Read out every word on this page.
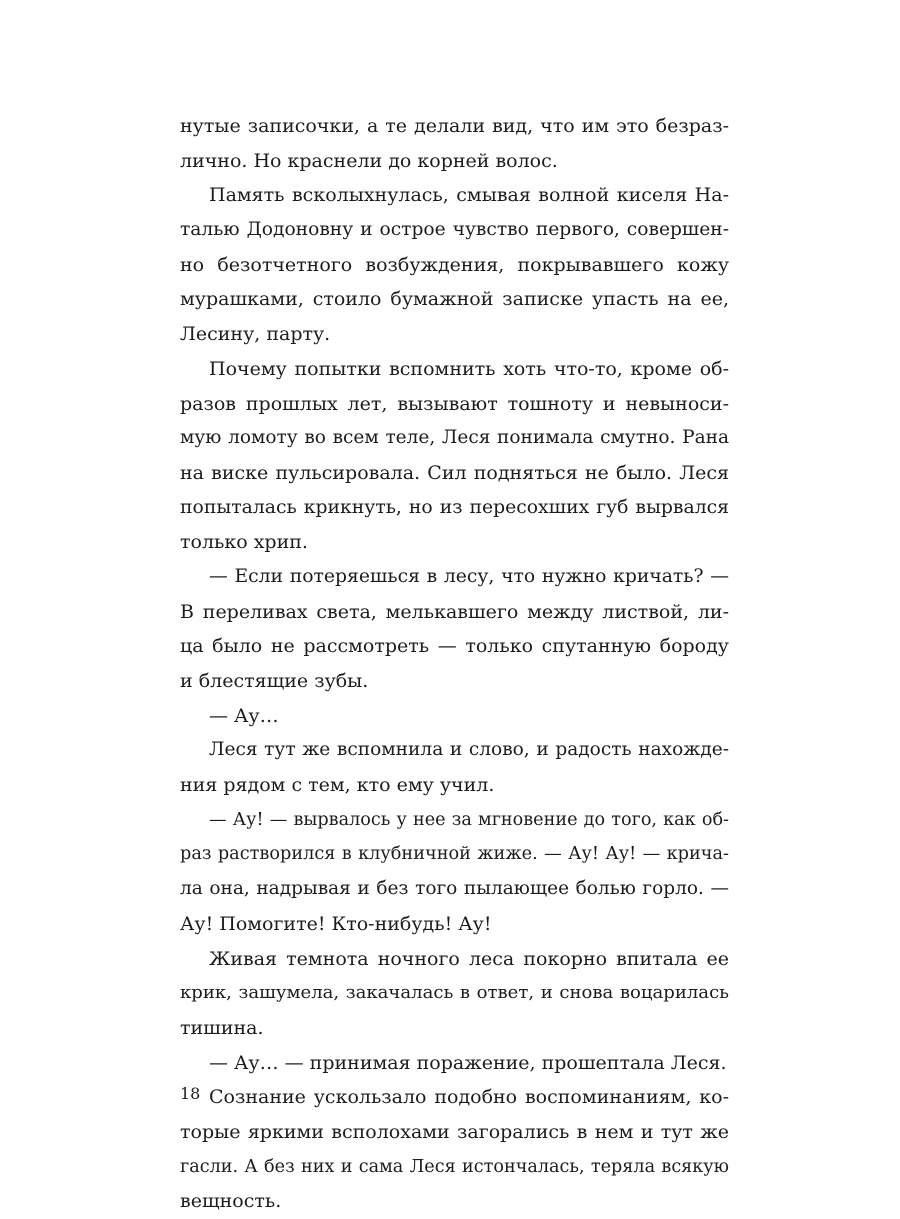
нутые записочки, а те делали вид, что им это безраз-
лично. Но краснели до корней волос.
Память всколыхнулась, смывая волной киселя На-
талью Додоновну и острое чувство первого, совершен-
но безотчетного возбуждения, покрывавшего кожу
мурашками, стоило бумажной записке упасть на ее,
Лесину, парту.
Почему попытки вспомнить хоть что-то, кроме об-
разов прошлых лет, вызывают тошноту и невыноси-
мую ломоту во всем теле, Леся понимала смутно. Рана
на виске пульсировала. Сил подняться не было. Леся
попыталась крикнуть, но из пересохших губ вырвался
только хрип.
— Если потеряешься в лесу, что нужно кричать? —
В переливах света, мелькавшего между листвой, ли-
ца было не рассмотреть — только спутанную бороду
и блестящие зубы.
— Ау…
Леся тут же вспомнила и слово, и радость нахожде-
ния рядом с тем, кто ему учил.
— Ау! — вырвалось у нее за мгновение до того, как об-
раз растворился в клубничной жиже. — Ау! Ау! — крича-
ла она, надрывая и без того пылающее болью горло. —
Ау! Помогите! Кто-нибудь! Ау!
Живая темнота ночного леса покорно впитала ее
крик, зашумела, закачалась в ответ, и снова воцарилась
тишина.
— Ау… — принимая поражение, прошептала Леся.
Сознание ускользало подобно воспоминаниям, ко-
торые яркими всполохами загорались в нем и тут же
гасли. А без них и сама Леся истончалась, теряла всякую
вещность.
18
